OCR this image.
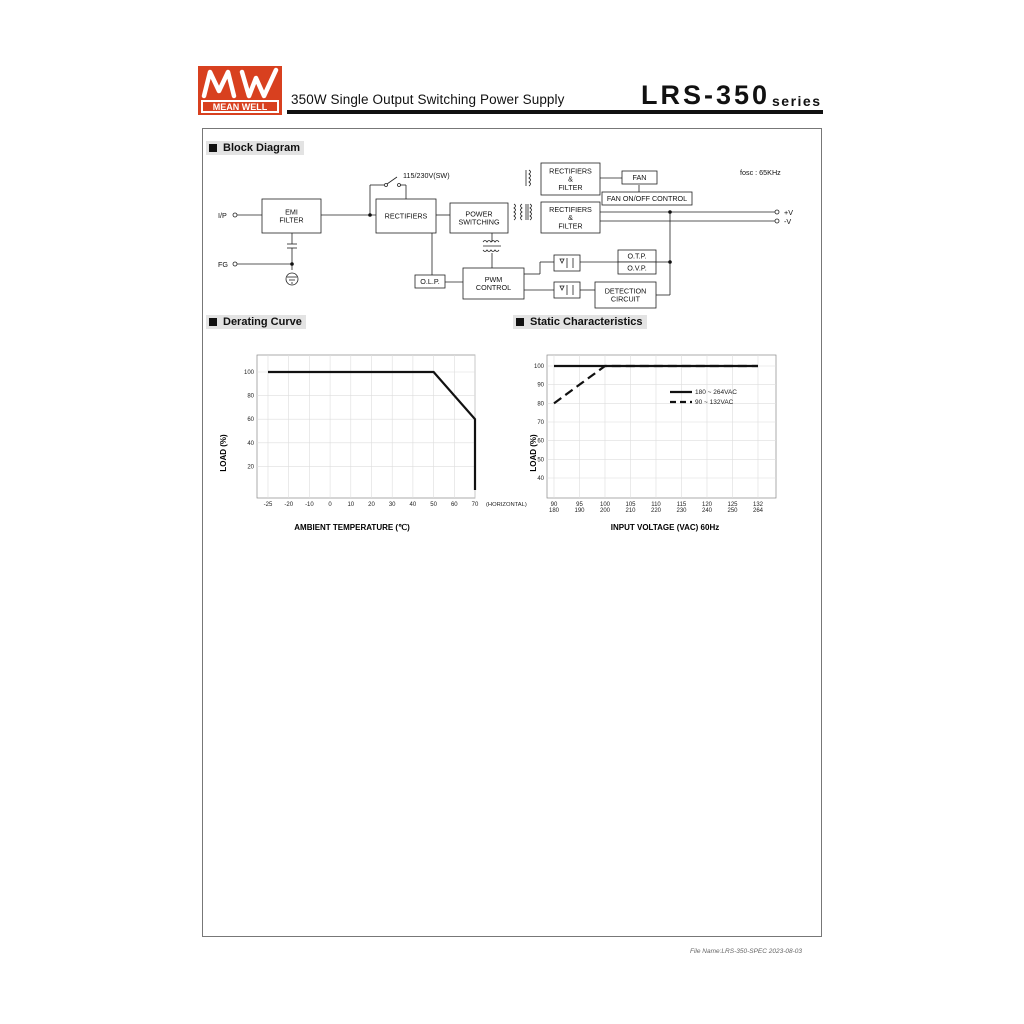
MEAN WELL 350W Single Output Switching Power Supply	LRS-350 series
Block Diagram
Derating Curve	Static Characteristics
EMI
FILTER	RECTIFIERS	POWER
SWITCHING
RECTIFIERS
&
FILTER
RECTIFIERS
&
FILTER
FAN
FAN ON/OFF CONTROL
O.T.P.
O.V.P.
O.L.P.	PWM
CONTROL	DETECTION
CIRCUIT
I/P
FG
+V
-V
115/230V(SW)	fosc : 65KHz
20
40
60
80
100
-25 -20 -10 0	10 20 30 40 50 60 70 (HORIZONTAL)
AMBIENT TEMPERATURE (℃)
LOAD (%)
40
50
60
70
80
90
100
90
180
95
190
100
200
105
210
110
220
115
230
120
240
125
250
132
264
180 ~ 264VAC
90 ~ 132VAC
INPUT VOLTAGE (VAC) 60Hz
LOAD (%)
File Name:LRS-350-SPEC 2023-08-03
